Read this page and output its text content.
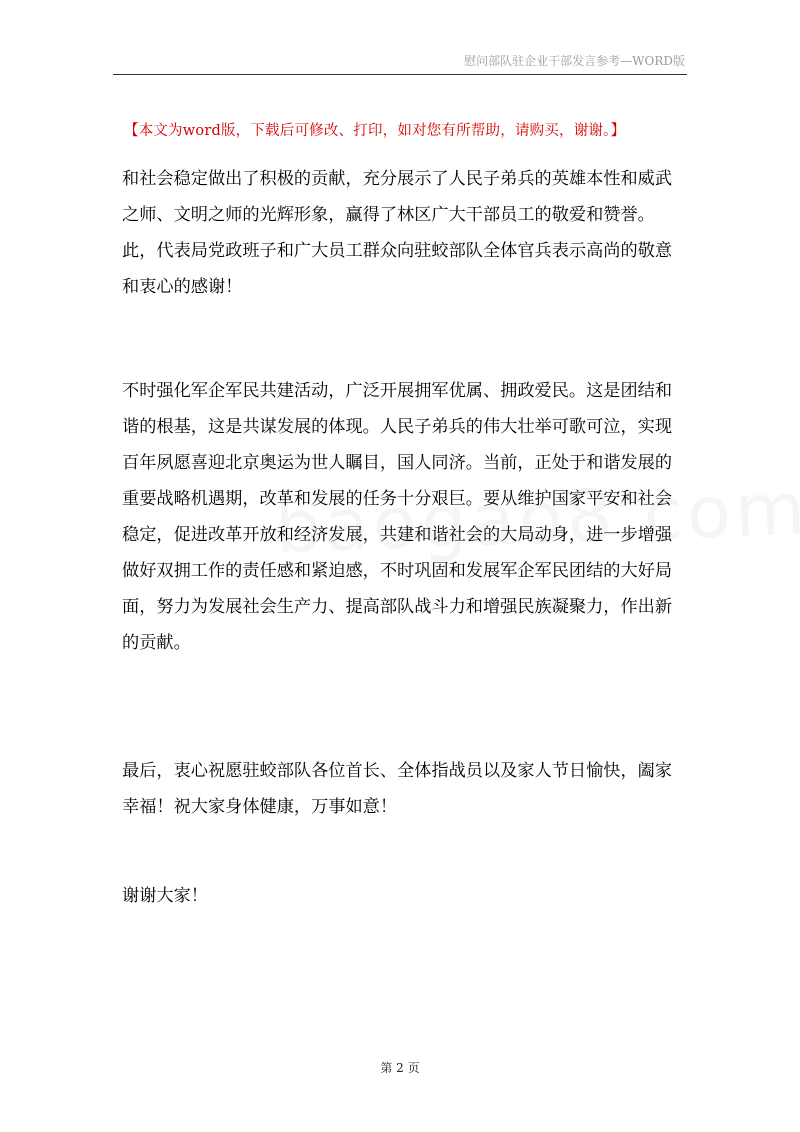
慰问部队驻企业干部发言参考—WORD版
【本文为word版，下载后可修改、打印，如对您有所帮助，请购买，谢谢。】

和社会稳定做出了积极的贡献，充分展示了人民子弟兵的英雄本性和威武之师、文明之师的光辉形象，赢得了林区广大干部员工的敬爱和赞誉。此，代表局党政班子和广大员工群众向驻蛟部队全体官兵表示高尚的敬意和衷心的感谢！

不时强化军企军民共建活动，广泛开展拥军优属、拥政爱民。这是团结和谐的根基，这是共谋发展的体现。人民子弟兵的伟大壮举可歌可泣，实现百年夙愿喜迎北京奥运为世人瞩目，国人同济。当前，正处于和谐发展的重要战略机遇期，改革和发展的任务十分艰巨。要从维护国家平安和社会稳定，促进改革开放和经济发展，共建和谐社会的大局动身，进一步增强做好双拥工作的责任感和紧迫感，不时巩固和发展军企军民团结的大好局面，努力为发展社会生产力、提高部队战斗力和增强民族凝聚力，作出新的贡献。

最后，衷心祝愿驻蛟部队各位首长、全体指战员以及家人节日愉快，阖家幸福！祝大家身体健康，万事如意！

谢谢大家！

第 2 页
